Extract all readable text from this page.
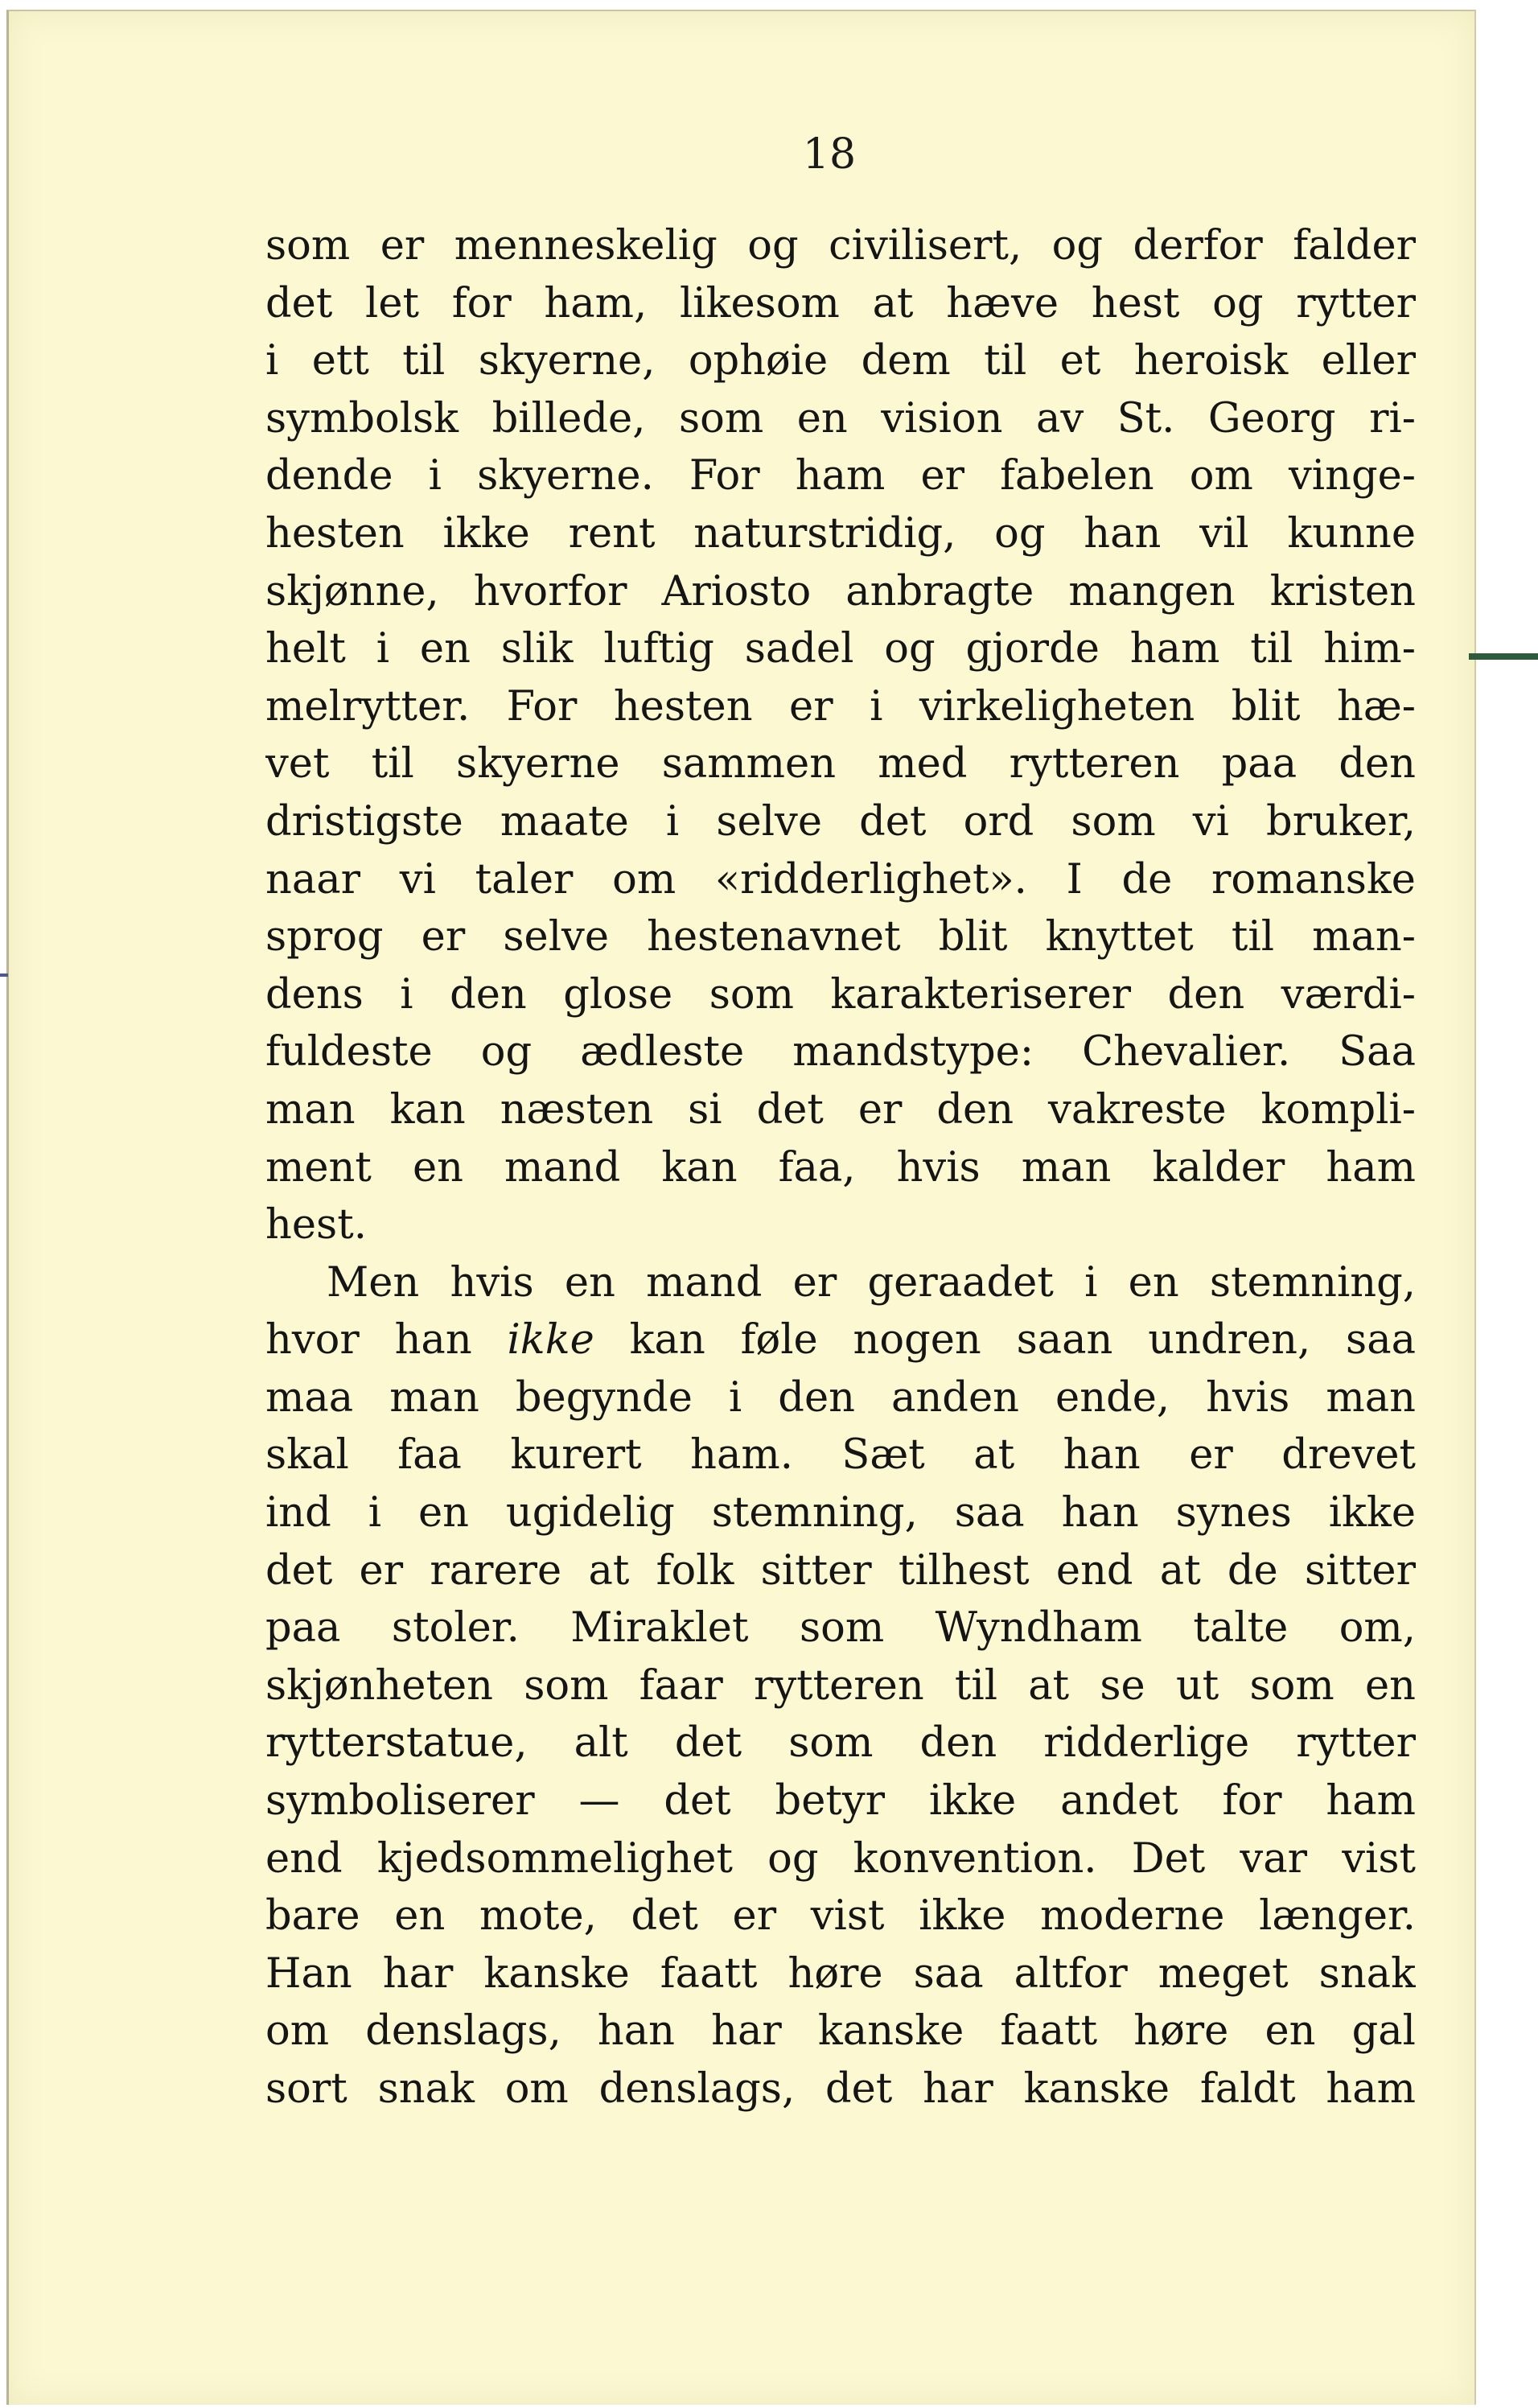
18
som er menneskelig og civilisert, og derfor falder
det let for ham, likesom at hæve hest og rytter
i ett til skyerne, ophøie dem til et heroisk eller
symbolsk billede, som en vision av St. Georg ri-
dende i skyerne. For ham er fabelen om vinge-
hesten ikke rent naturstridig, og han vil kunne
skjønne, hvorfor Ariosto anbragte mangen kristen
helt i en slik luftig sadel og gjorde ham til him-
melrytter. For hesten er i virkeligheten blit hæ-
vet til skyerne sammen med rytteren paa den
dristigste maate i selve det ord som vi bruker,
naar vi taler om «ridderlighet». I de romanske
sprog er selve hestenavnet blit knyttet til man-
dens i den glose som karakteriserer den værdi-
fuldeste og ædleste mandstype: Chevalier. Saa
man kan næsten si det er den vakreste kompli-
ment en mand kan faa, hvis man kalder ham
hest.
Men hvis en mand er geraadet i en stemning,
hvor han ikke kan føle nogen saan undren, saa
maa man begynde i den anden ende, hvis man
skal faa kurert ham. Sæt at han er drevet
ind i en ugidelig stemning, saa han synes ikke
det er rarere at folk sitter tilhest end at de sitter
paa stoler. Miraklet som Wyndham talte om,
skjønheten som faar rytteren til at se ut som en
rytterstatue, alt det som den ridderlige rytter
symboliserer — det betyr ikke andet for ham
end kjedsommelighet og konvention. Det var vist
bare en mote, det er vist ikke moderne længer.
Han har kanske faatt høre saa altfor meget snak
om denslags, han har kanske faatt høre en gal
sort snak om denslags, det har kanske faldt ham
